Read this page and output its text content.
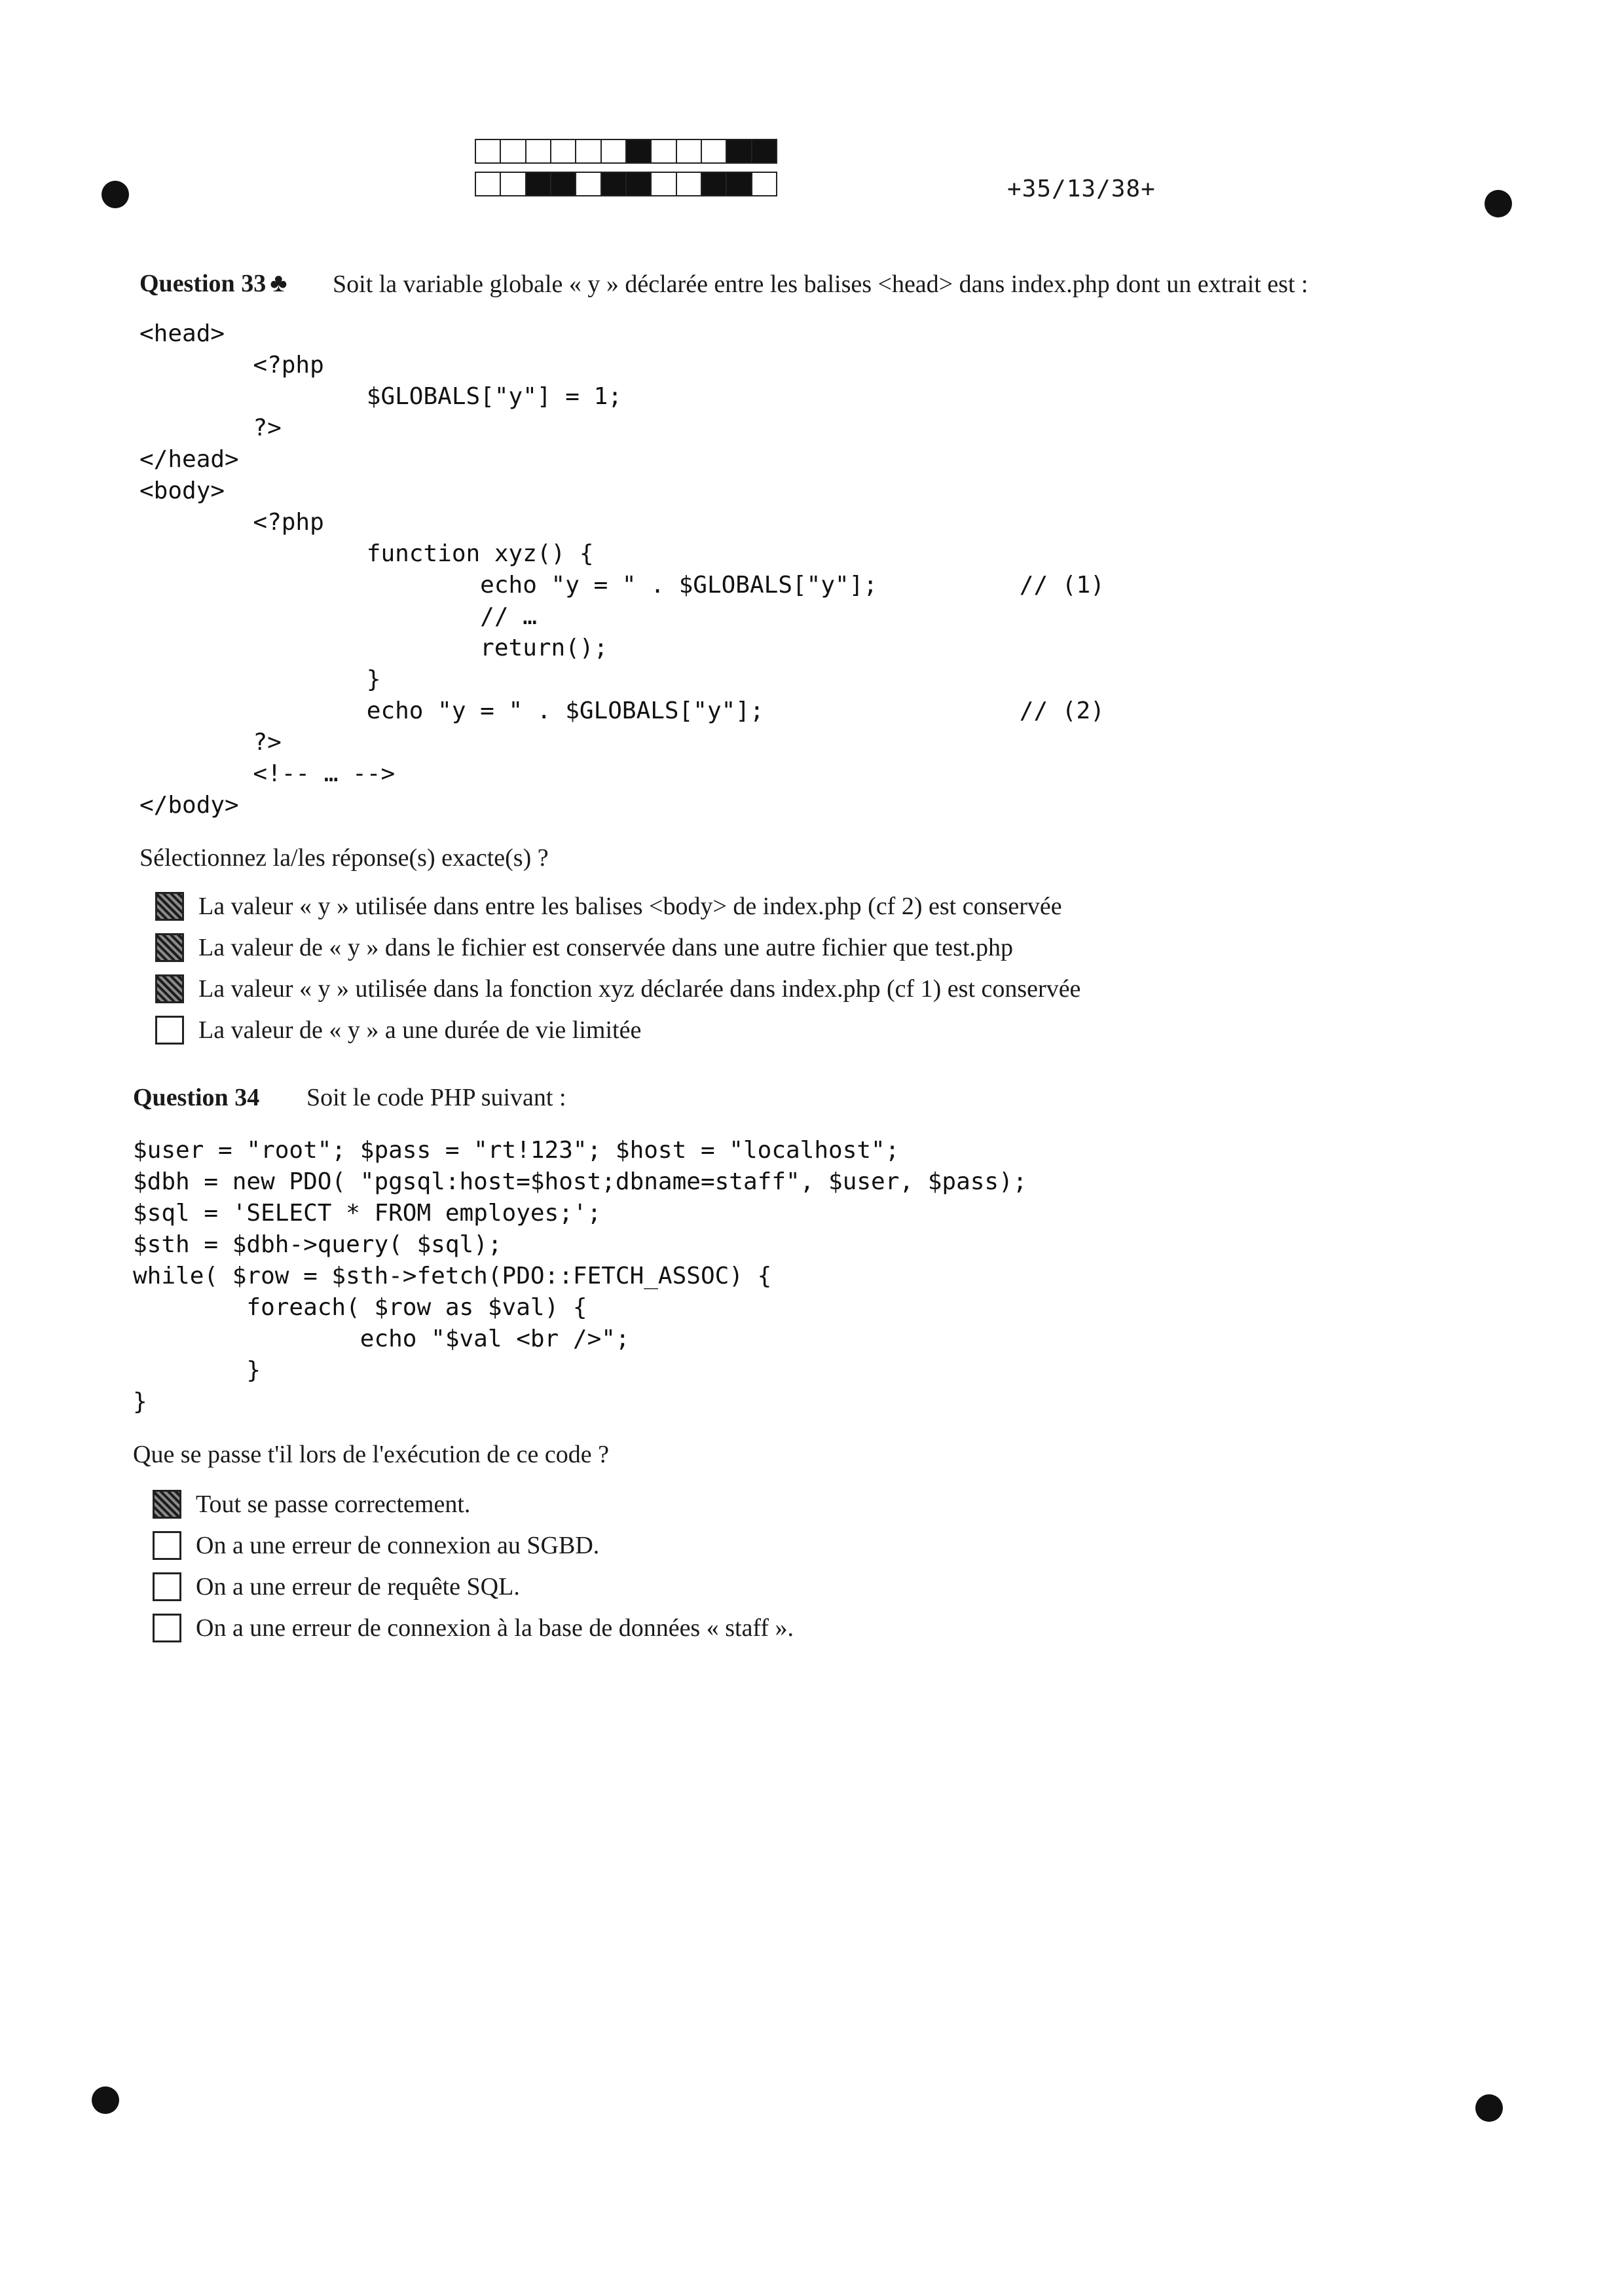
+35/13/38+
Question 33 ♣ Soit la variable globale « y » déclarée entre les balises <head> dans index.php dont un extrait est :
<head>
<?php
$GLOBALS["y"] = 1;
?>
</head>
<body>
<?php
function xyz() {
echo "y = " . $GLOBALS["y"];          // (1)
// …
return();
}
echo "y = " . $GLOBALS["y"];                  // (2)
?>
<!-- … -->
</body>
Sélectionnez la/les réponse(s) exacte(s) ?
La valeur « y » utilisée dans entre les balises <body> de index.php (cf 2) est conservée
La valeur de « y » dans le fichier est conservée dans une autre fichier que test.php
La valeur « y » utilisée dans la fonction xyz déclarée dans index.php (cf 1) est conservée
La valeur de « y » a une durée de vie limitée
Question 34 Soit le code PHP suivant :
$user = "root"; $pass = "rt!123"; $host = "localhost";
$dbh = new PDO( "pgsql:host=$host;dbname=staff", $user, $pass);
$sql = 'SELECT * FROM employes;';
$sth = $dbh->query( $sql);
while( $row = $sth->fetch(PDO::FETCH_ASSOC) {
foreach( $row as $val) {
echo "$val <br />";
}
}
Que se passe t'il lors de l'exécution de ce code ?
Tout se passe correctement.
On a une erreur de connexion au SGBD.
On a une erreur de requête SQL.
On a une erreur de connexion à la base de données « staff ».
